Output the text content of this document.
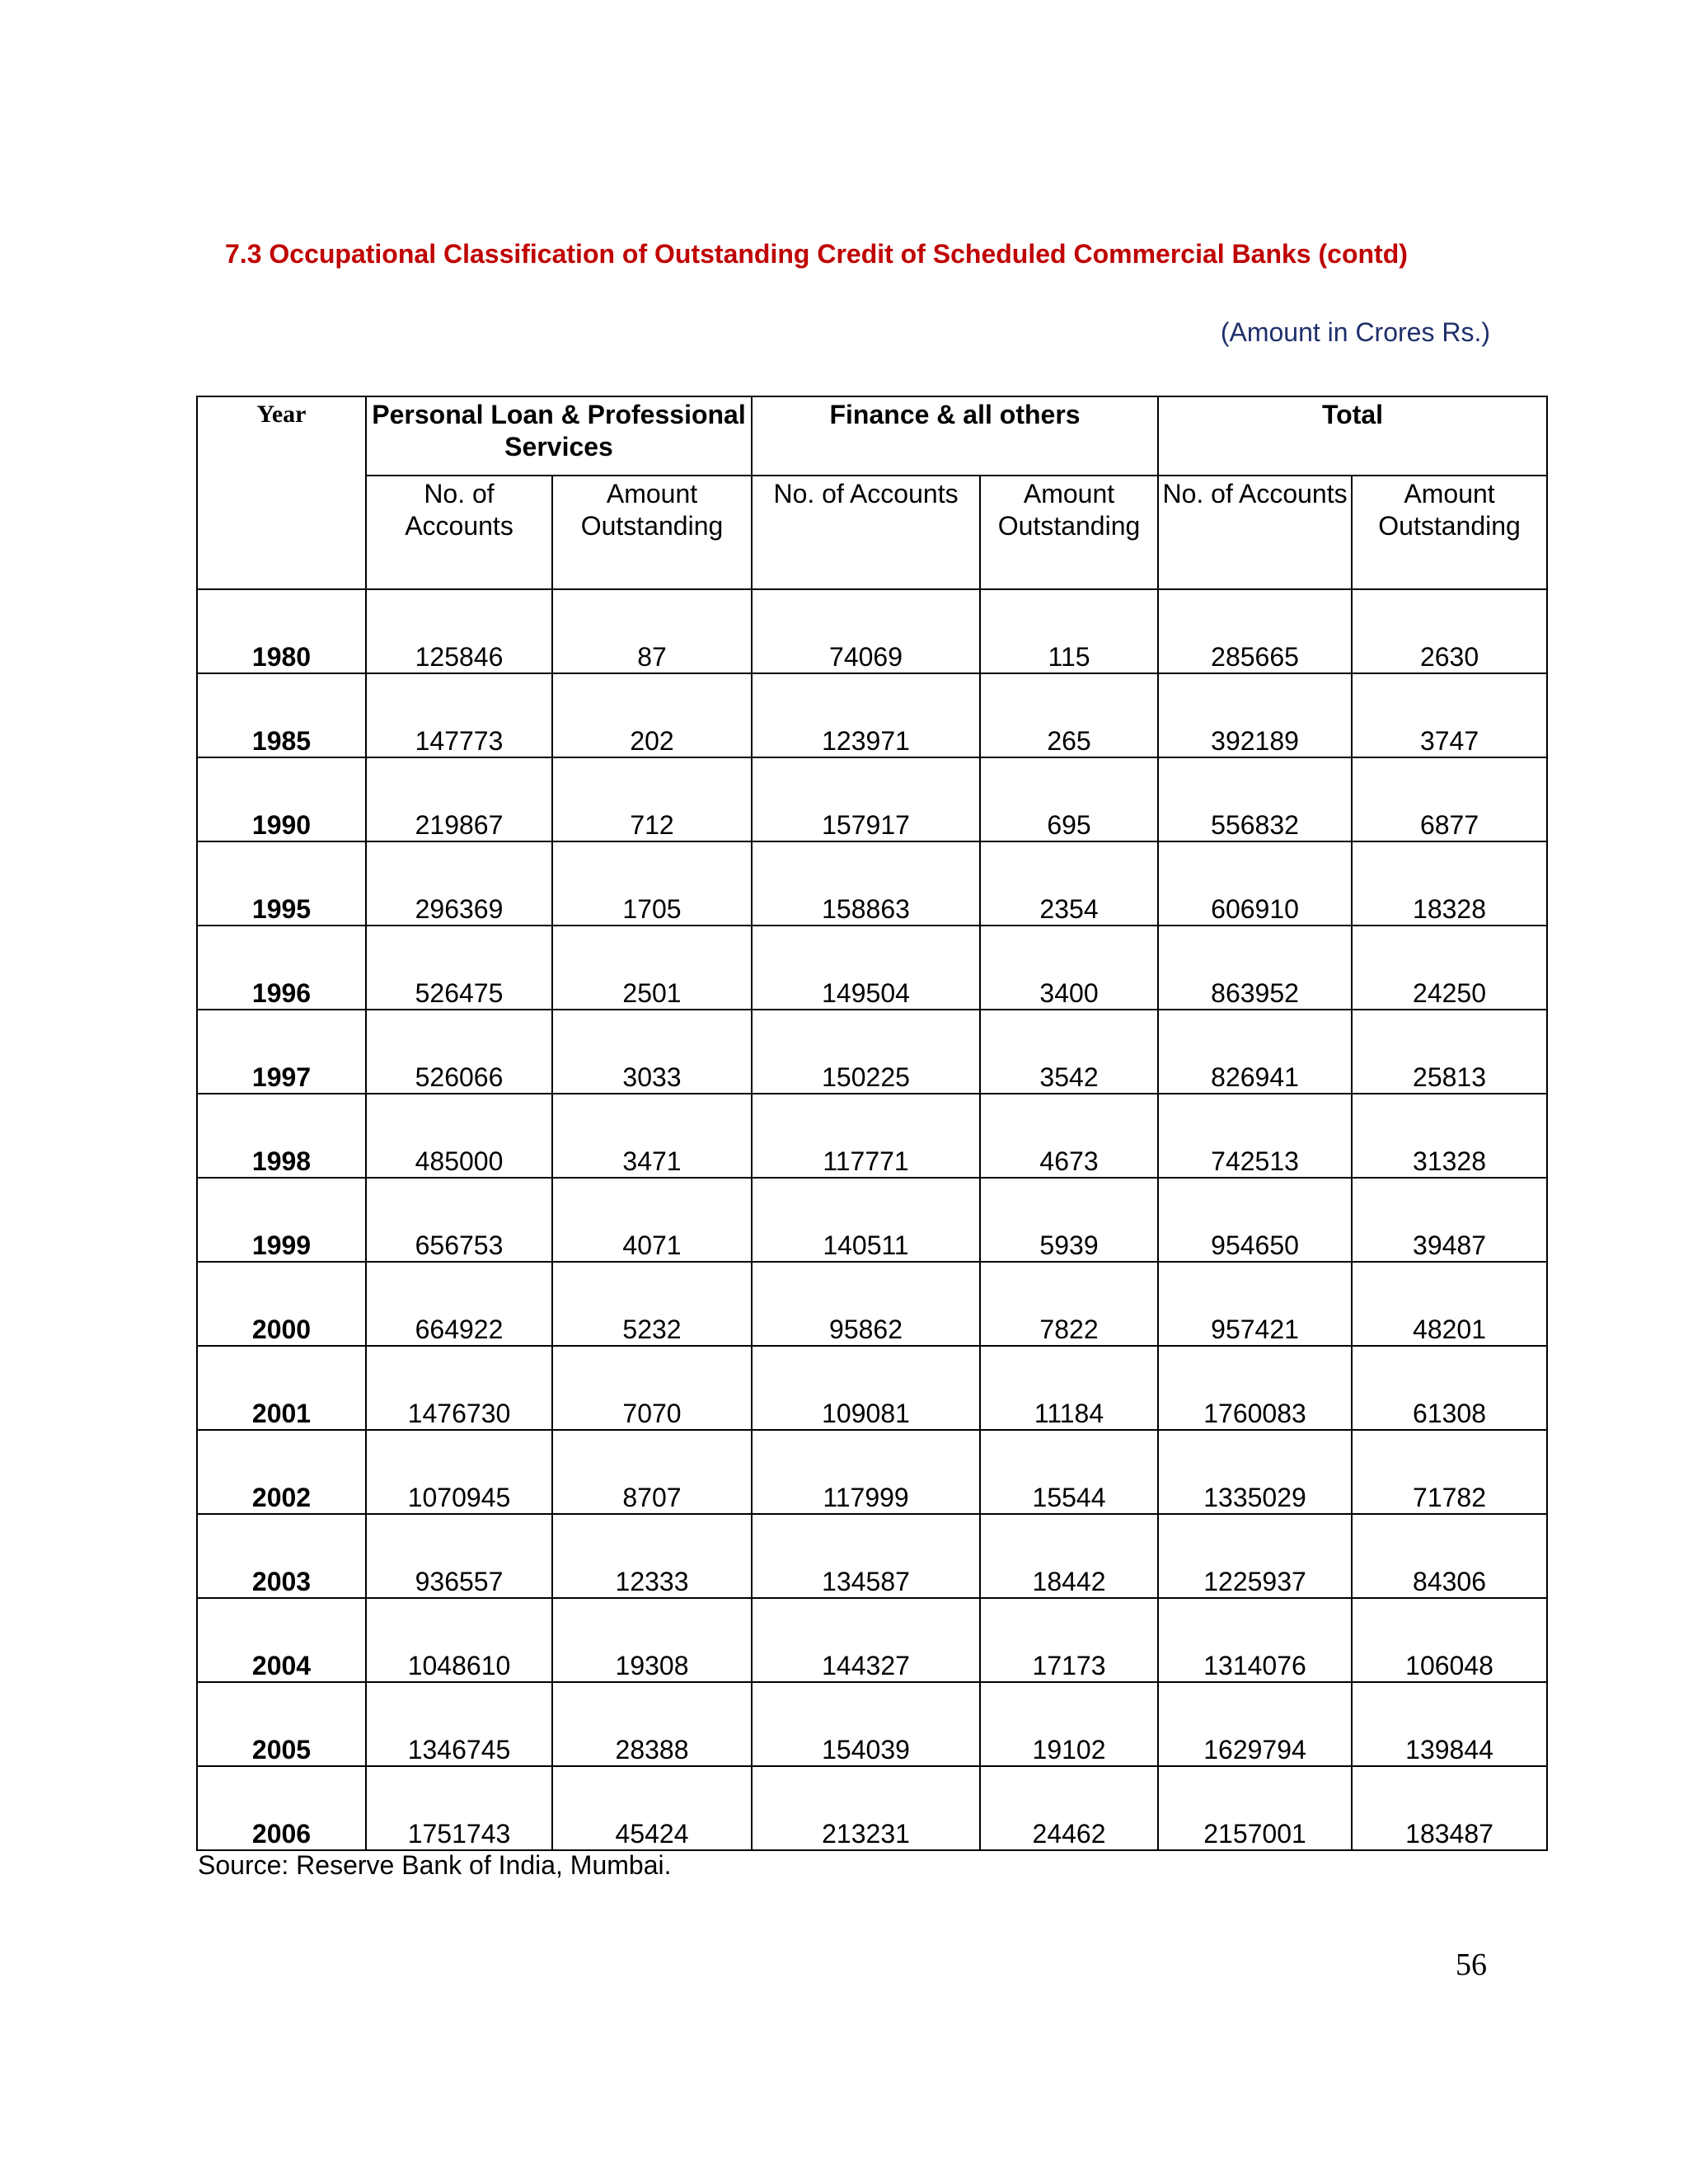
7.3 Occupational Classification of Outstanding Credit of Scheduled Commercial Banks (contd)
(Amount in Crores Rs.)
Year	Personal Loan & Professional Services		Finance & all others		Total	
	No. of Accounts	Amount Outstanding	No. of Accounts	Amount Outstanding	No. of Accounts	Amount Outstanding
1980	125846	87	74069	115	285665	2630
1985	147773	202	123971	265	392189	3747
1990	219867	712	157917	695	556832	6877
1995	296369	1705	158863	2354	606910	18328
1996	526475	2501	149504	3400	863952	24250
1997	526066	3033	150225	3542	826941	25813
1998	485000	3471	117771	4673	742513	31328
1999	656753	4071	140511	5939	954650	39487
2000	664922	5232	95862	7822	957421	48201
2001	1476730	7070	109081	11184	1760083	61308
2002	1070945	8707	117999	15544	1335029	71782
2003	936557	12333	134587	18442	1225937	84306
2004	1048610	19308	144327	17173	1314076	106048
2005	1346745	28388	154039	19102	1629794	139844
2006	1751743	45424	213231	24462	2157001	183487
Source: Reserve Bank of India, Mumbai.
56
